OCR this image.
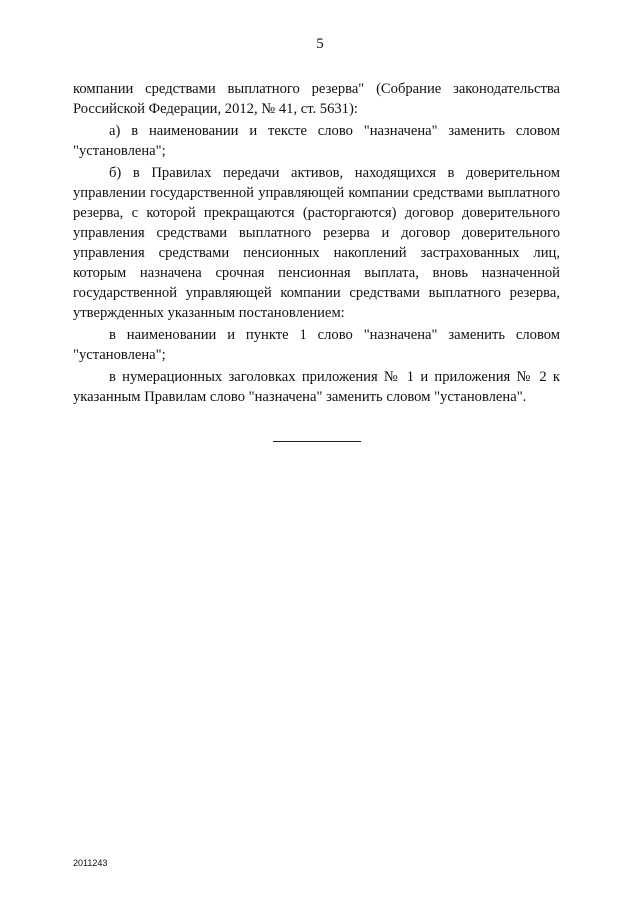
5

компании средствами выплатного резерва" (Собрание законодательства Российской Федерации, 2012, № 41, ст. 5631):

а) в наименовании и тексте слово "назначена" заменить словом "установлена";

б) в Правилах передачи активов, находящихся в доверительном управлении государственной управляющей компании средствами выплатного резерва, с которой прекращаются (расторгаются) договор доверительного управления средствами выплатного резерва и договор доверительного управления средствами пенсионных накоплений застрахованных лиц, которым назначена срочная пенсионная выплата, вновь назначенной государственной управляющей компании средствами выплатного резерва, утвержденных указанным постановлением:

в наименовании и пункте 1 слово "назначена" заменить словом "установлена";

в нумерационных заголовках приложения № 1 и приложения № 2 к указанным Правилам слово "назначена" заменить словом "установлена".

2011243
